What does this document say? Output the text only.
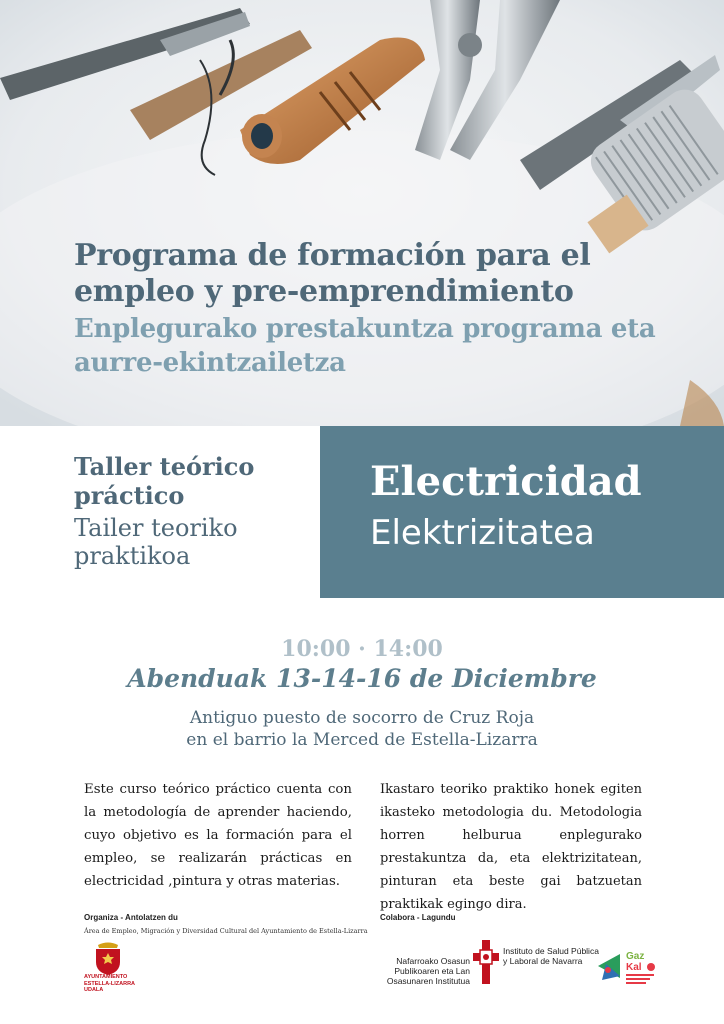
Programa de formación para el empleo y pre-emprendimiento
Enplegurako prestakuntza programa eta aurre-ekintzailetza
Taller teórico práctico
Tailer teoriko praktikoa
Electricidad
Elektrizitatea
10:00 · 14:00
Abenduak 13-14-16 de Diciembre
Antiguo puesto de socorro de Cruz Roja
en el barrio la Merced de Estella-Lizarra
Este curso teórico práctico cuenta con la metodología de aprender haciendo, cuyo objetivo es la formación para el empleo, se realizarán prácticas en electricidad ,pintura y otras materias.
Ikastaro teoriko praktiko honek egiten ikasteko metodologia du. Metodologia horren helburua enplegurako prestakuntza da, eta elektrizitatean, pinturan eta beste gai batzuetan praktikak egingo dira.
Organiza - Antolatzen du
Área de Empleo, Migración y Diversidad Cultural del Ayuntamiento de Estella-Lizarra
AYUNTAMIENTO
ESTELLA-LIZARRA
UDALA
Colabora - Lagundu
Nafarroako Osasun Publikoaren eta Lan Osasunaren Institutua
Instituto de Salud Pública y Laboral de Navarra	Gaz
Kal
